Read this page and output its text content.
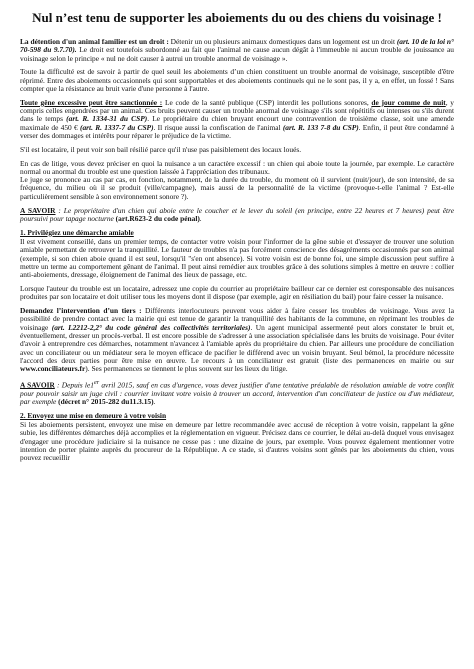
Nul n’est tenu de supporter les aboiements du ou des chiens du voisinage !

La détention d'un animal familier est un droit : Détenir un ou plusieurs animaux domestiques dans un logement est un droit (art. 10 de la loi n° 70-598 du 9.7.70). Le droit est toutefois subordonné au fait que l'animal ne cause aucun dégât à l'immeuble ni aucun trouble de jouissance au voisinage selon le principe « nul ne doit causer à autrui un trouble anormal de voisinage ».

Toute la difficulté est de savoir à partir de quel seuil les aboiements d’un chien constituent un trouble anormal de voisinage, susceptible d'être réprimé. Entre des aboiements occasionnels qui sont supportables et des aboiements continuels qui ne le sont pas, il y a, en effet, un fossé ! Sans compter que la résistance au bruit varie d'une personne à l'autre.

Toute gêne excessive peut être sanctionnée : Le code de la santé publique (CSP) interdit les pollutions sonores, de jour comme de nuit, y compris celles engendrées par un animal. Ces bruits peuvent causer un trouble anormal de voisinage s'ils sont répétitifs ou intenses ou s'ils durent dans le temps (art. R. 1334-31 du CSP). Le propriétaire du chien bruyant encourt une contravention de troisième classe, soit une amende maximale de 450 € (art. R. 1337-7 du CSP). Il risque aussi la confiscation de l'animal (art. R. 133 7-8 du CSP). Enfin, il peut être condamné à verser des dommages et intérêts pour réparer le préjudice de la victime.

S'il est locataire, il peut voir son bail résilié parce qu'il n'use pas paisiblement des locaux loués.

En cas de litige, vous devez préciser en quoi la nuisance a un caractère excessif : un chien qui aboie toute la journée, par exemple. Le caractère normal ou anormal du trouble est une question laissée à l'appréciation des tribunaux.
Le juge se prononce au cas par cas, en fonction, notamment, de la durée du trouble, du moment où il survient (nuit/jour), de son intensité, de sa fréquence, du milieu où il se produit (ville/campagne), mais aussi de la personnalité de la victime (provoque-t-elle l'animal ? Est-elle particulièrement sensible à son environnement sonore ?).

A SAVOIR : Le propriétaire d'un chien qui aboie entre le coucher et le lever du soleil (en principe, entre 22 heures et 7 heures) peut être poursuivi pour tapage nocturne (art.R623-2 du code pénal).

1. Privilégiez une démarche amiable

Il est vivement conseillé, dans un premier temps, de contacter votre voisin pour l'informer de la gêne subie et d'essayer de trouver une solution amiable permettant de retrouver la tranquillité. Le fauteur de troubles n'a pas forcément conscience des désagréments occasionnés par son animal (exemple, si son chien aboie quand il est seul, lorsqu'il "s'en ont absence). Si votre voisin est de bonne foi, une simple discussion peut suffire à mettre un terme au comportement gênant de l'animal. Il peut ainsi remédier aux troubles grâce à des solutions simples à mettre en œuvre : collier anti-aboiements, dressage, éloignement de l'animal des lieux de passage, etc.

Lorsque l'auteur du trouble est un locataire, adressez une copie du courrier au propriétaire bailleur car ce dernier est coresponsable des nuisances produites par son locataire et doit utiliser tous les moyens dont il dispose (par exemple, agir en résiliation du bail) pour faire cesser la nuisance.

Demandez l’intervention d’un tiers : Différents interlocuteurs peuvent vous aider à faire cesser les troubles de voisinage. Vous avez la possibilité de prendre contact avec la mairie qui est tenue de garantir la tranquillité des habitants de la commune, en réprimant les troubles de voisinage (art. L2212-2,2° du code général des collectivités territoriales). Un agent municipal assermenté peut alors constater le bruit et, éventuellement, dresser un procès-verbal. Il est encore possible de s'adresser à une association spécialisée dans les bruits de voisinage. Pour éviter d'avoir à entreprendre ces démarches, notamment n'avancez à l'amiable après du propriétaire du chien. Par ailleurs une procédure de conciliation avec un conciliateur ou un médiateur sera le moyen efficace de pacifier le différend avec un voisin bruyant. Seul bémol, la procédure nécessite l'accord des deux parties pour être mise en œuvre. Le recours à un conciliateur est gratuit (liste des permanences en mairie ou sur www.conciliateurs.fr). Ses permanences se tiennent le plus souvent sur les lieux du litige.

A SAVOIR : Depuis le1er avril 2015, sauf en cas d'urgence, vous devez justifier d'une tentative préalable de résolution amiable de votre conflit pour pouvoir saisir un juge civil : courrier invitant votre voisin à trouver un accord, intervention d'un conciliateur de justice ou d'un médiateur, par exemple (décret n° 2015-282 du11.3.15).

2. Envoyez une mise en demeure à votre voisin

Si les aboiements persistent, envoyez une mise en demeure par lettre recommandée avec accusé de réception à votre voisin, rappelant la gêne subie, les différentes démarches déjà accomplies et la réglementation en vigueur. Précisez dans ce courrier, le délai au-delà duquel vous envisagez d'engager une procédure judiciaire si la nuisance ne cesse pas : une dizaine de jours, par exemple. Vous pouvez également mentionner votre intention de porter plainte auprès du procureur de la République. A ce stade, si d'autres voisins sont gênés par les aboiements du chien, vous pouvez recueillir
